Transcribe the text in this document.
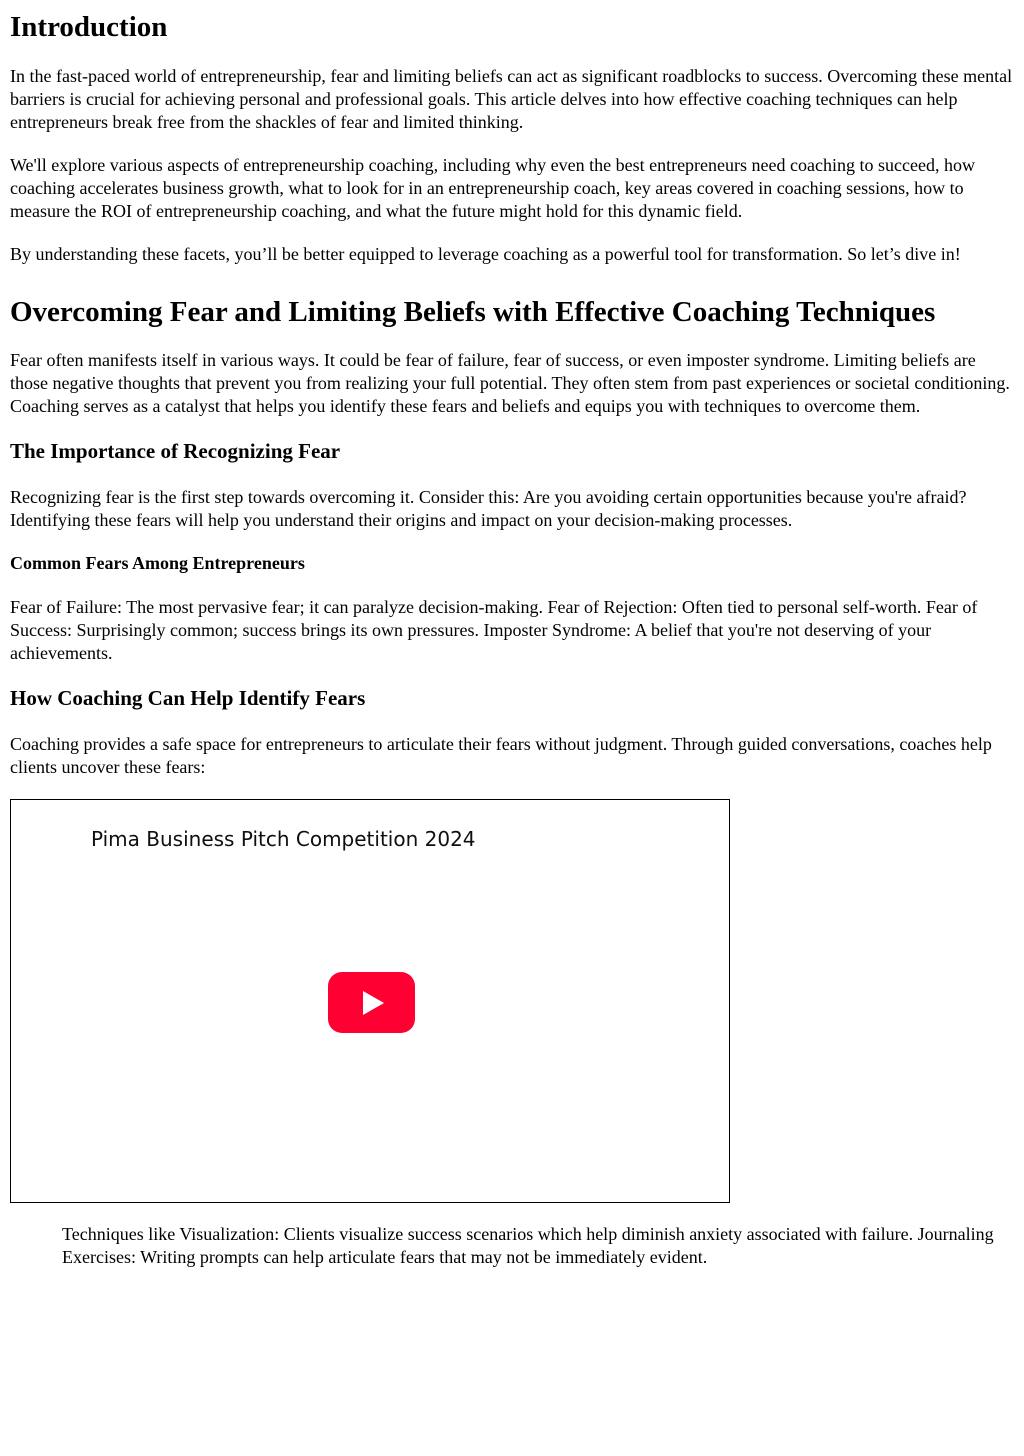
Introduction

In the fast-paced world of entrepreneurship, fear and limiting beliefs can act as significant roadblocks to success. Overcoming these mental barriers is crucial for achieving personal and professional goals. This article delves into how effective coaching techniques can help entrepreneurs break free from the shackles of fear and limited thinking.

We'll explore various aspects of entrepreneurship coaching, including why even the best entrepreneurs need coaching to succeed, how coaching accelerates business growth, what to look for in an entrepreneurship coach, key areas covered in coaching sessions, how to measure the ROI of entrepreneurship coaching, and what the future might hold for this dynamic field.

By understanding these facets, you’ll be better equipped to leverage coaching as a powerful tool for transformation. So let’s dive in!

Overcoming Fear and Limiting Beliefs with Effective Coaching Techniques

Fear often manifests itself in various ways. It could be fear of failure, fear of success, or even imposter syndrome. Limiting beliefs are those negative thoughts that prevent you from realizing your full potential. They often stem from past experiences or societal conditioning. Coaching serves as a catalyst that helps you identify these fears and beliefs and equips you with techniques to overcome them.

The Importance of Recognizing Fear

Recognizing fear is the first step towards overcoming it. Consider this: Are you avoiding certain opportunities because you're afraid? Identifying these fears will help you understand their origins and impact on your decision-making processes.

Common Fears Among Entrepreneurs

Fear of Failure: The most pervasive fear; it can paralyze decision-making. Fear of Rejection: Often tied to personal self-worth. Fear of Success: Surprisingly common; success brings its own pressures. Imposter Syndrome: A belief that you're not deserving of your achievements.

How Coaching Can Help Identify Fears

Coaching provides a safe space for entrepreneurs to articulate their fears without judgment. Through guided conversations, coaches help clients uncover these fears:

Pima Business Pitch Competition 2024

Techniques like Visualization: Clients visualize success scenarios which help diminish anxiety associated with failure. Journaling Exercises: Writing prompts can help articulate fears that may not be immediately evident.
